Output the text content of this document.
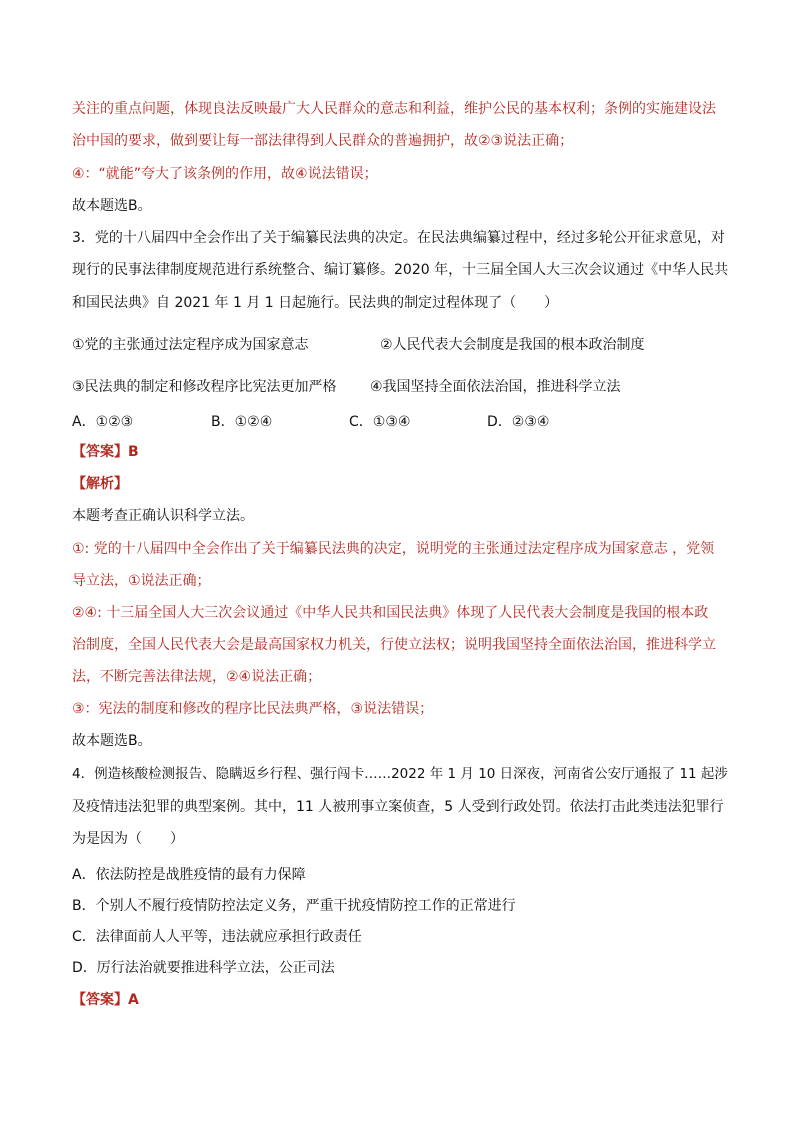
关注的重点问题，体现良法反映最广大人民群众的意志和利益，维护公民的基本权利；条例的实施建设法
治中国的要求，做到要让每一部法律得到人民群众的普遍拥护，故②③说法正确；
④：“就能”夸大了该条例的作用，故④说法错误；
故本题选B。
3．党的十八届四中全会作出了关于编纂民法典的决定。在民法典编纂过程中，经过多轮公开征求意见，对
现行的民事法律制度规范进行系统整合、编订纂修。2020 年，十三届全国人大三次会议通过《中华人民共
和国民法典》自 2021 年 1 月 1 日起施行。民法典的制定过程体现了（　　）
①党的主张通过法定程序成为国家意志	②人民代表大会制度是我国的根本政治制度
③民法典的制定和修改程序比宪法更加严格 ④我国坚持全面依法治国，推进科学立法
A．①②③	B．①②④	C．①③④	D．②③④
【答案】B
【解析】
本题考查正确认识科学立法。
①: 党的十八届四中全会作出了关于编纂民法典的决定，说明党的主张通过法定程序成为国家意志 ，党领
导立法，①说法正确；
②④: 十三届全国人大三次会议通过《中华人民共和国民法典》体现了人民代表大会制度是我国的根本政
治制度，全国人民代表大会是最高国家权力机关，行使立法权；说明我国坚持全面依法治国，推进科学立
法，不断完善法律法规，②④说法正确；
③：宪法的制度和修改的程序比民法典严格，③说法错误；
故本题选B。
4．例造核酸检测报告、隐瞒返乡行程、强行闯卡……2022 年 1 月 10 日深夜，河南省公安厅通报了 11 起涉
及疫情违法犯罪的典型案例。其中，11 人被刑事立案侦查，5 人受到行政处罚。依法打击此类违法犯罪行
为是因为（　　）
A．依法防控是战胜疫情的最有力保障
B．个别人不履行疫情防控法定义务，严重干扰疫情防控工作的正常进行
C．法律面前人人平等，违法就应承担行政责任
D．厉行法治就要推进科学立法，公正司法
【答案】A
